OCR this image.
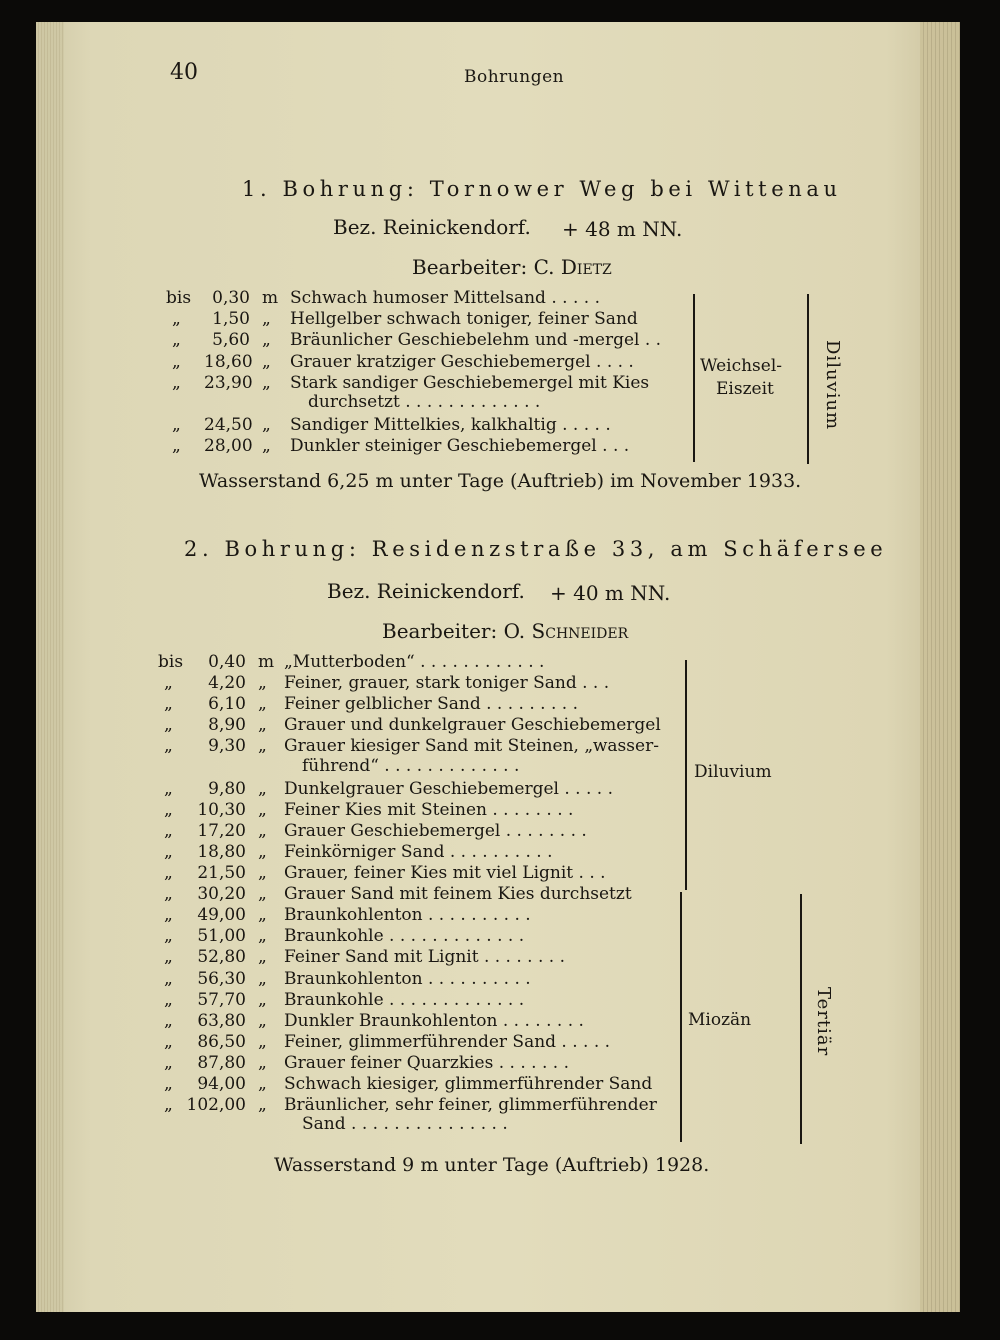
40	Bohrungen
1. Bohrung: Tornower Weg bei Wittenau
Bez. Reinickendorf. + 48 m NN.
Bearbeiter: C. Dietz
bis	0,30 m Schwach humoser Mittelsand . . . . .
„	1,50 „ Hellgelber schwach toniger, feiner Sand
„	5,60 „ Bräunlicher Geschiebelehm und -mergel . .
„ 18,60 „ Grauer kratziger Geschiebemergel . . . .
„ 23,90 „ Stark sandiger Geschiebemergel mit Kies
durchsetzt . . . . . . . . . . . . .
„ 24,50 „ Sandiger Mittelkies, kalkhaltig . . . . .
„ 28,00 „ Dunkler steiniger Geschiebemergel . . .
Weichsel-
Eiszeit	Diluvium
Wasserstand 6,25 m unter Tage (Auftrieb) im November 1933.
2. Bohrung: Residenzstraße 33, am Schäfersee
Bez. Reinickendorf. + 40 m NN.
Bearbeiter: O. Schneider
bis	0,40 m „Mutterboden“ . . . . . . . . . . . .
„	4,20 „ Feiner, grauer, stark toniger Sand . . .
„	6,10 „ Feiner gelblicher Sand . . . . . . . . .
„	8,90 „ Grauer und dunkelgrauer Geschiebemergel
„	9,30 „ Grauer kiesiger Sand mit Steinen, „wasser-
führend“ . . . . . . . . . . . . .
„	9,80 „ Dunkelgrauer Geschiebemergel . . . . .
„	10,30 „ Feiner Kies mit Steinen . . . . . . . .
„	17,20 „ Grauer Geschiebemergel . . . . . . . .
„	18,80 „ Feinkörniger Sand . . . . . . . . . .
„	21,50 „ Grauer, feiner Kies mit viel Lignit . . .
„	30,20 „ Grauer Sand mit feinem Kies durchsetzt
„	49,00 „ Braunkohlenton . . . . . . . . . .
„	51,00 „ Braunkohle . . . . . . . . . . . . .
„	52,80 „ Feiner Sand mit Lignit . . . . . . . .
„	56,30 „ Braunkohlenton . . . . . . . . . .
„	57,70 „ Braunkohle . . . . . . . . . . . . .
„	63,80 „ Dunkler Braunkohlenton . . . . . . . .
„	86,50 „ Feiner, glimmerführender Sand . . . . .
„	87,80 „ Grauer feiner Quarzkies . . . . . . .
„	94,00 „ Schwach kiesiger, glimmerführender Sand
„ 102,00 „ Bräunlicher, sehr feiner, glimmerführender
Sand . . . . . . . . . . . . . . .
Diluvium
Miozän	Tertiär
Wasserstand 9 m unter Tage (Auftrieb) 1928.
